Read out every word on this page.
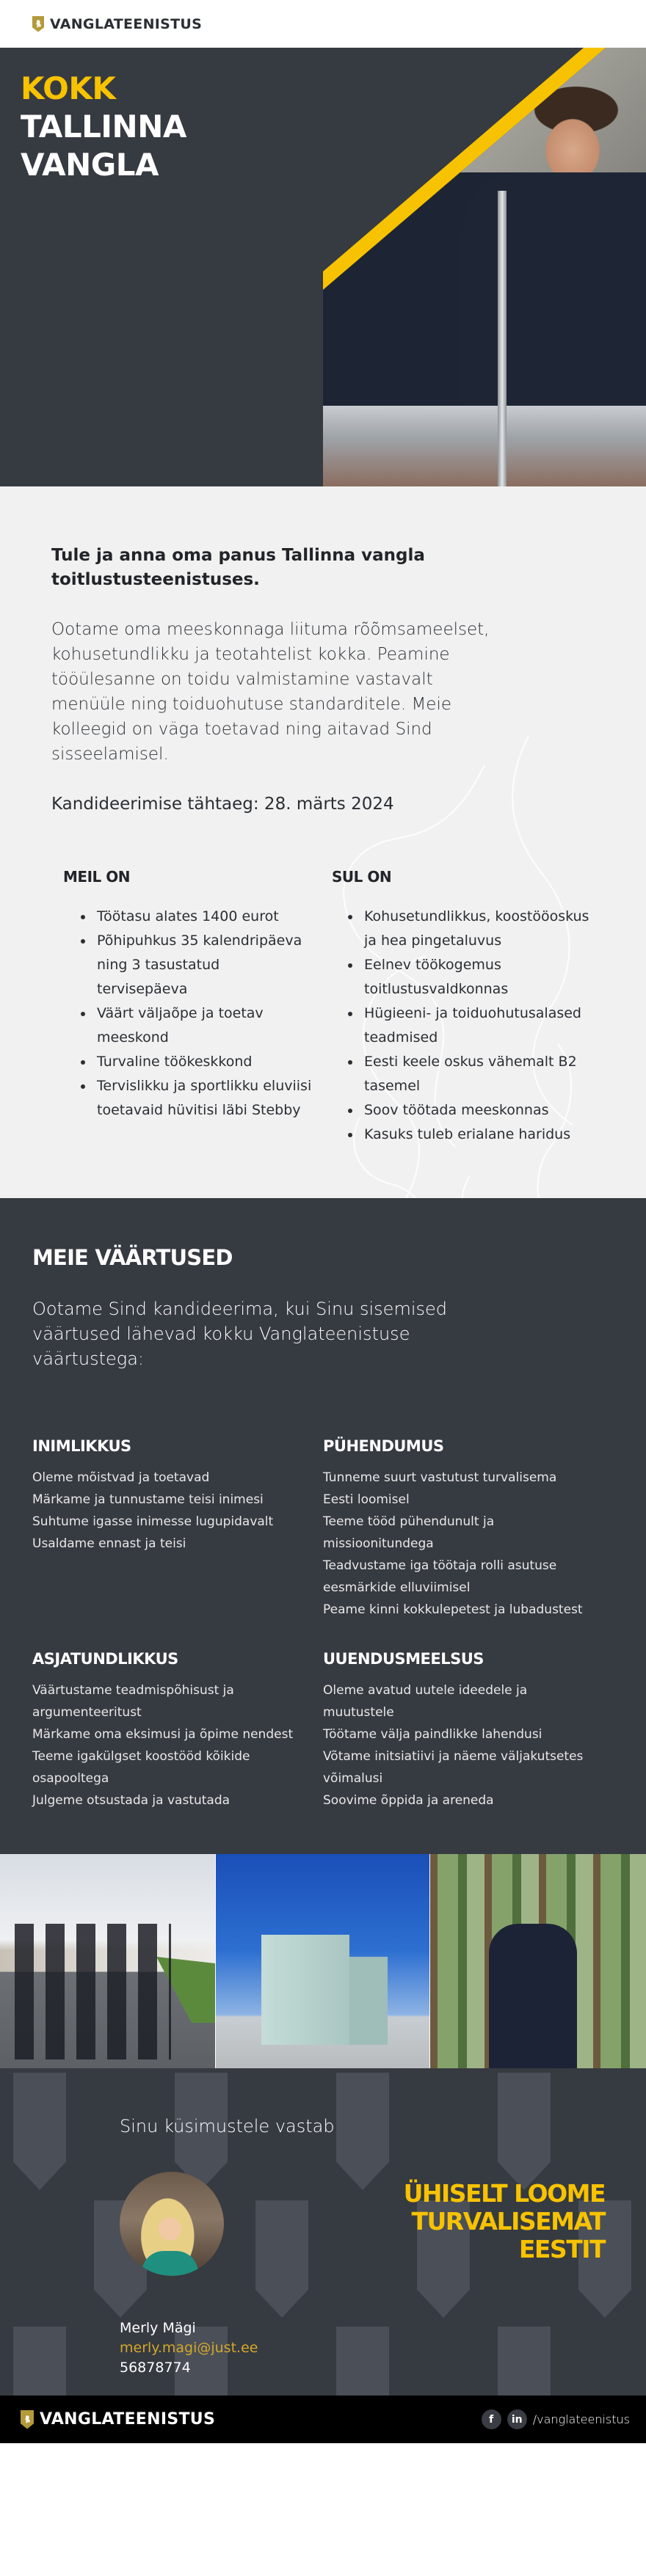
VANGLATEENISTUS
KOKK
TALLINNA
VANGLA

Tule ja anna oma panus Tallinna vangla toitlustusteenistuses.

Ootame oma meeskonnaga liituma rõõmsameelset, kohusetundlikku ja teotahtelist kokka. Peamine tööülesanne on toidu valmistamine vastavalt menüüle ning toiduohutuse standarditele. Meie kolleegid on väga toetavad ning aitavad Sind sisseelamisel.

Kandideerimise tähtaeg: 28. märts 2024

MEIL ON
Töötasu alates 1400 eurot
Põhipuhkus 35 kalendripäeva ning 3 tasustatud tervisepäeva
Väärt väljaõpe ja toetav meeskond
Turvaline töökeskkond
Tervislikku ja sportlikku eluviisi toetavaid hüvitisi läbi Stebby
SUL ON
Kohusetundlikkus, koostööoskus ja hea pingetaluvus
Eelnev töökogemus toitlustusvaldkonnas
Hügieeni- ja toiduohutusalased teadmised
Eesti keele oskus vähemalt B2 tasemel
Soov töötada meeskonnas
Kasuks tuleb erialane haridus
MEIE VÄÄRTUSED

Ootame Sind kandideerima, kui Sinu sisemised väärtused lähevad kokku Vanglateenistuse väärtustega:

INIMLIKKUS

Oleme mõistvad ja toetavad

Märkame ja tunnustame teisi inimesi

Suhtume igasse inimesse lugupidavalt

Usaldame ennast ja teisi

PÜHENDUMUS

Tunneme suurt vastutust turvalisema Eesti loomisel

Teeme tööd pühendunult ja missioonitundega

Teadvustame iga töötaja rolli asutuse eesmärkide elluviimisel

Peame kinni kokkulepetest ja lubadustest

ASJATUNDLIKKUS

Väärtustame teadmispõhisust ja argumenteeritust

Märkame oma eksimusi ja õpime nendest

Teeme igakülgset koostööd kõikide osapooltega

Julgeme otsustada ja vastutada

UUENDUSMEELSUS

Oleme avatud uutele ideedele ja muutustele

Töötame välja paindlikke lahendusi

Võtame initsiatiivi ja näeme väljakutsetes võimalusi

Soovime õppida ja areneda

Sinu küsimustele vastab
Merly Mägi
merly.magi@just.ee
56878774
ÜHISELT LOOME
TURVALISEMAT
EESTIT
VANGLATEENISTUS	f	in /vanglateenistus
